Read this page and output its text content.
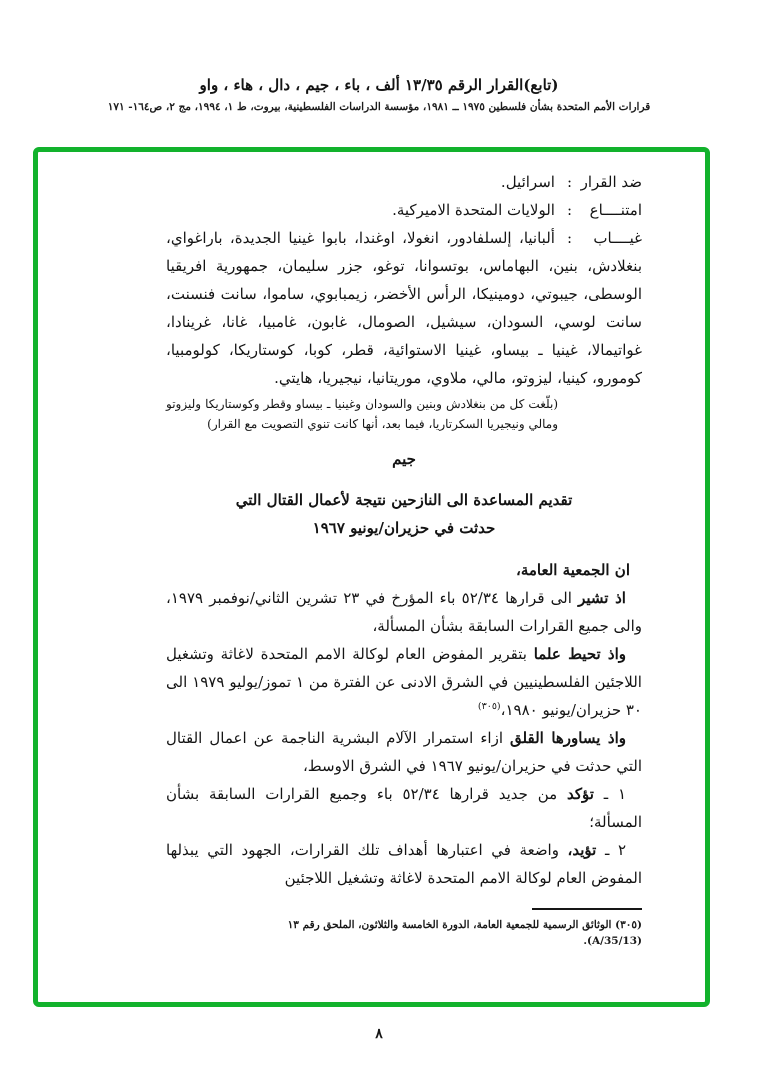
(تابع)القرار الرقم ١٣/٣٥ ألف ، باء ، جيم ، دال ، هاء ، واو
قرارات الأمم المتحدة بشأن فلسطين ١٩٧٥ ــ ١٩٨١، مؤسسة الدراسات الفلسطينية، بيروت، ط ١، ١٩٩٤، مج ٢، ص١٦٤- ١٧١

ضد القرار:اسرائيل.

امتنــــاع:الولايات المتحدة الاميركية.

غيــــاب:ألبانيا، إلسلفادور، انغولا، اوغندا، بابوا غينيا الجديدة، باراغواي، بنغلادش، بنين، البهاماس، بوتسوانا، توغو، جزر سليمان، جمهورية افريقيا الوسطى، جيبوتي، دومينيكا، الرأس الأخضر، زيمبابوي، ساموا، سانت فنسنت، سانت لوسي، السودان، سيشيل، الصومال، غابون، غامبيا، غانا، غرينادا، غواتيمالا، غينيا ـ بيساو، غينيا الاستوائية، قطر، كوبا، كوستاريكا، كولومبيا، كومورو، كينيا، ليزوتو، مالي، ملاوي، موريتانيا، نيجيريا، هايتي.

(بلّغت كل من بنغلادش وبنين والسودان وغينيا ـ بيساو وقطر وكوستاريكا وليزوتو ومالي ونيجيريا السكرتاريا، فيما بعد، أنها كانت تنوي التصويت مع القرار)

جيم
تقديم المساعدة الى النازحين نتيجة لأعمال القتال التي
حدثت في حزيران/يونيو ١٩٦٧

ان الجمعية العامة،

اذ تشير الى قرارها ٥٢/٣٤ باء المؤرخ في ٢٣ تشرين الثاني/نوفمبر ١٩٧٩، والى جميع القرارات السابقة بشأن المسألة،

واذ تحيط علما بتقرير المفوض العام لوكالة الامم المتحدة لاغاثة وتشغيل اللاجئين الفلسطينيين في الشرق الادنى عن الفترة من ١ تموز/يوليو ١٩٧٩ الى ٣٠ حزيران/يونيو ١٩٨٠،$^{(٣٠٥)}$

واذ يساورها القلق ازاء استمرار الآلام البشرية الناجمة عن اعمال القتال التي حدثت في حزيران/يونيو ١٩٦٧ في الشرق الاوسط،

١ ـ تؤكد من جديد قرارها ٥٢/٣٤ باء وجميع القرارات السابقة بشأن المسألة؛

٢ ـ تؤيد، واضعة في اعتبارها أهداف تلك القرارات، الجهود التي يبذلها المفوض العام لوكالة الامم المتحدة لاغاثة وتشغيل اللاجئين

(٣٠٥) الوثائق الرسمية للجمعية العامة، الدورة الخامسة والثلاثون، الملحق رقم ١٣ (A/35/13).

٨
